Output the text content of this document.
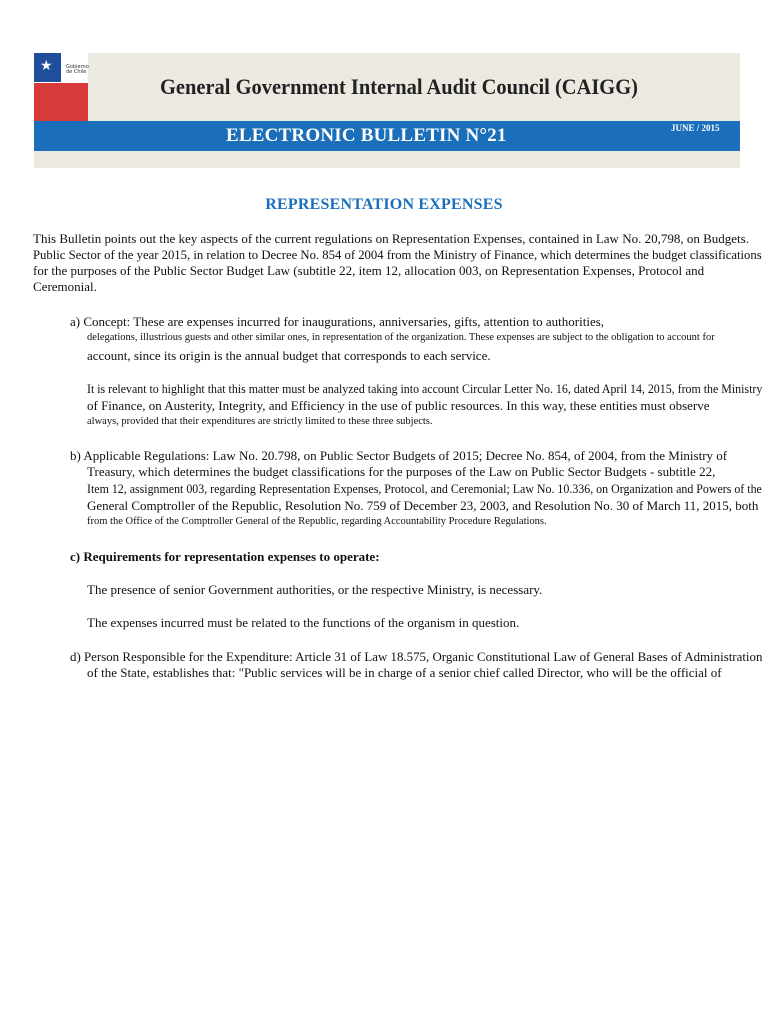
★	Gobierno de Chile
General Government Internal Audit Council (CAIGG)
ELECTRONIC BULLETIN N°21	JUNE / 2015
REPRESENTATION EXPENSES
This Bulletin points out the key aspects of the current regulations on Representation Expenses, contained in Law No. 20,798, on Budgets.
Public Sector of the year 2015, in relation to Decree No. 854 of 2004 from the Ministry of Finance, which determines the budget classifications
for the purposes of the Public Sector Budget Law (subtitle 22, item 12, allocation 003, on Representation Expenses, Protocol and
Ceremonial.
a) Concept: These are expenses incurred for inaugurations, anniversaries, gifts, attention to authorities,
delegations, illustrious guests and other similar ones, in representation of the organization. These expenses are subject to the obligation to account for
account, since its origin is the annual budget that corresponds to each service.
It is relevant to highlight that this matter must be analyzed taking into account Circular Letter No. 16, dated April 14, 2015, from the Ministry
of Finance, on Austerity, Integrity, and Efficiency in the use of public resources. In this way, these entities must observe
always, provided that their expenditures are strictly limited to these three subjects.
b) Applicable Regulations: Law No. 20.798, on Public Sector Budgets of 2015; Decree No. 854, of 2004, from the Ministry of
Treasury, which determines the budget classifications for the purposes of the Law on Public Sector Budgets - subtitle 22,
Item 12, assignment 003, regarding Representation Expenses, Protocol, and Ceremonial; Law No. 10.336, on Organization and Powers of the
General Comptroller of the Republic, Resolution No. 759 of December 23, 2003, and Resolution No. 30 of March 11, 2015, both
from the Office of the Comptroller General of the Republic, regarding Accountability Procedure Regulations.
c) Requirements for representation expenses to operate:
The presence of senior Government authorities, or the respective Ministry, is necessary.
The expenses incurred must be related to the functions of the organism in question.
d) Person Responsible for the Expenditure: Article 31 of Law 18.575, Organic Constitutional Law of General Bases of Administration
of the State, establishes that: "Public services will be in charge of a senior chief called Director, who will be the official of
